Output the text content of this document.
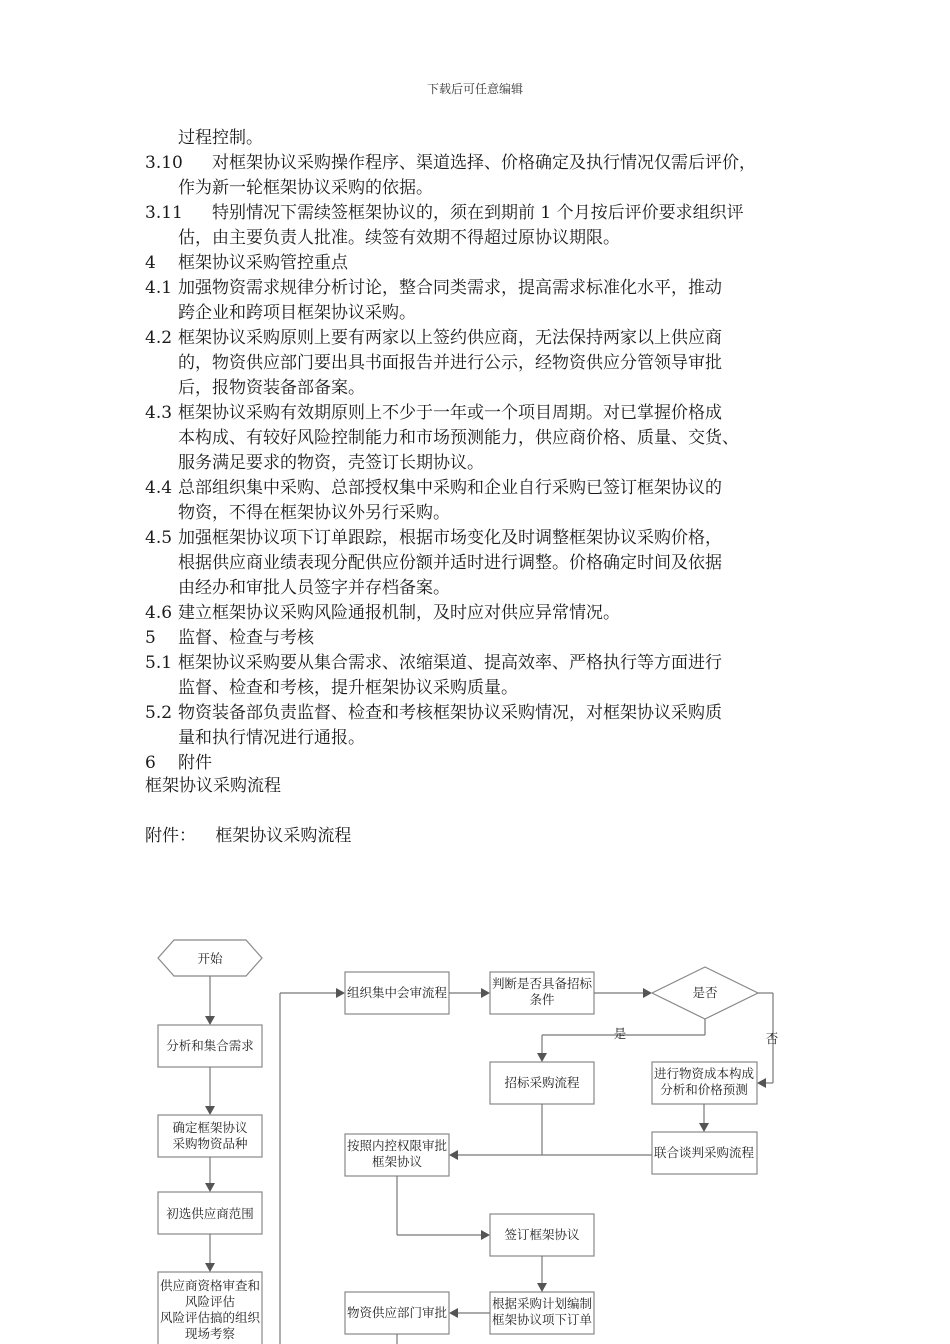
下载后可任意编辑
过程控制。
3.10 对框架协议采购操作程序、渠道选择、价格确定及执行情况仅需后评价，
作为新一轮框架协议采购的依据。
3.11 特别情况下需续签框架协议的，须在到期前 1 个月按后评价要求组织评
估，由主要负责人批准。续签有效期不得超过原协议期限。
4 框架协议采购管控重点
4.1 加强物资需求规律分析讨论，整合同类需求，提高需求标准化水平，推动
跨企业和跨项目框架协议采购。
4.2 框架协议采购原则上要有两家以上签约供应商，无法保持两家以上供应商
的，物资供应部门要出具书面报告并进行公示，经物资供应分管领导审批
后，报物资装备部备案。
4.3 框架协议采购有效期原则上不少于一年或一个项目周期。对已掌握价格成
本构成、有较好风险控制能力和市场预测能力，供应商价格、质量、交货、
服务满足要求的物资，壳签订长期协议。
4.4 总部组织集中采购、总部授权集中采购和企业自行采购已签订框架协议的
物资，不得在框架协议外另行采购。
4.5 加强框架协议项下订单跟踪，根据市场变化及时调整框架协议采购价格，
根据供应商业绩表现分配供应份额并适时进行调整。价格确定时间及依据
由经办和审批人员签字并存档备案。
4.6 建立框架协议采购风险通报机制，及时应对供应异常情况。
5 监督、检查与考核
5.1 框架协议采购要从集合需求、浓缩渠道、提高效率、严格执行等方面进行
监督、检查和考核，提升框架协议采购质量。
5.2 物资装备部负责监督、检查和考核框架协议采购情况，对框架协议采购质
量和执行情况进行通报。
6 附件
框架协议采购流程
附件： 框架协议采购流程
开始
分析和集合需求
确定框架协议
采购物资品种
初选供应商范围
供应商资格审查和
风险评估
风险评估搞的组织
现场考察
组织集中会审流程
判断是否具备招标
条件	是否
是	否
招标采购流程
进行物资成本构成
分析和价格预测
联合谈判采购流程
按照内控权限审批
框架协议
签订框架协议
根据采购计划编制
框架协议项下订单
物资供应部门审批
